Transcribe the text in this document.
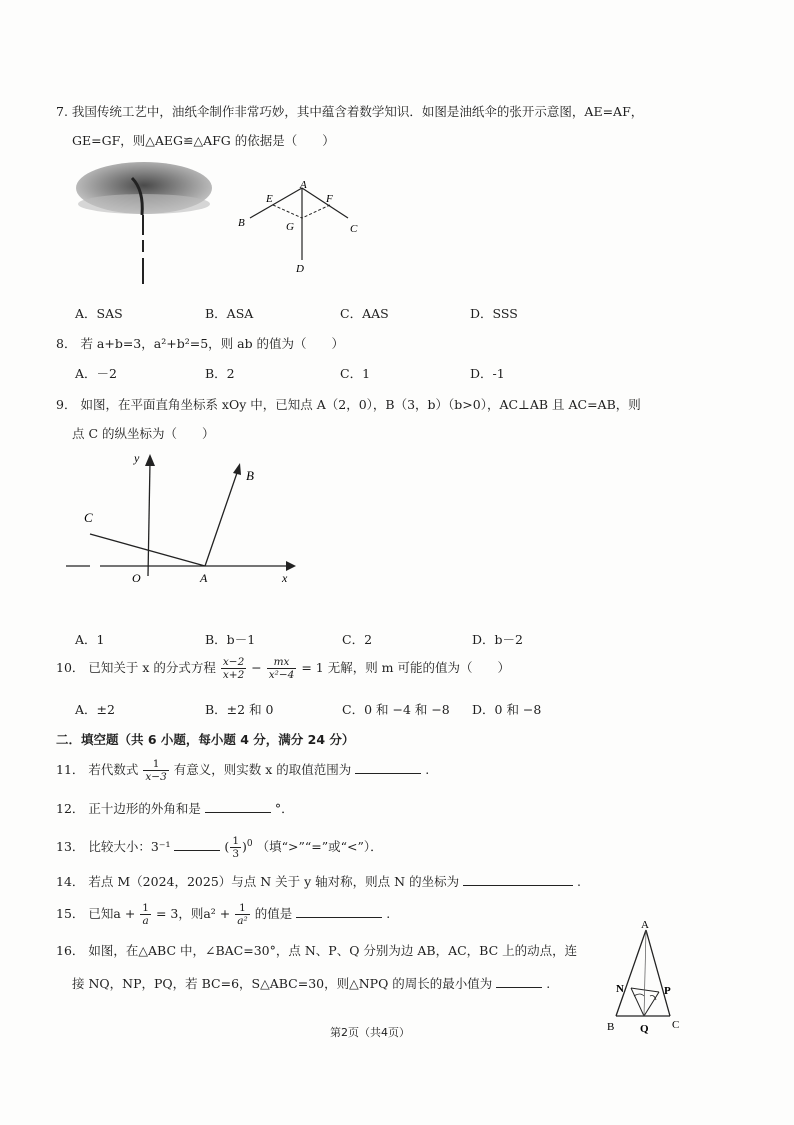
7. 我国传统工艺中，油纸伞制作非常巧妙，其中蕴含着数学知识．如图是油纸伞的张开示意图，AE=AF，
GE=GF，则△AEG≌△AFG 的依据是（　　）
A
E	F
B	C
G
D
A．SAS	B．ASA	C．AAS	D．SSS
8． 若 a+b=3，a²+b²=5，则 ab 的值为（　　）
A．－2	B．2	C．1	D．-1
9． 如图，在平面直角坐标系 xOy 中，已知点 A（2，0），B（3，b）（b>0），AC⊥AB 且 AC=AB，则
点 C 的纵坐标为（　　）
y
B
C
O	A	x
A．1	B．b－1	C．2	D．b－2
10． 已知关于 x 的分式方程 $\frac{x-2}{x+2} - \frac{mx}{\text{x²−4}} = 1$ 无解，则 m 可能的值为（　　）
A．±2	B．±2 和 0	C．0 和 −4 和 −8 D．0 和 −8
二．填空题（共 6 小题，每小题 4 分，满分 24 分）
11． 若代数式 $\frac{1}{x-3}$ 有意义，则实数 x 的取值范围为	.
12． 正十边形的外角和是	°．
13． 比较大小：3⁻¹	( $\frac{1}{3} )^0$ （填“>”“=”或“<”）．
14． 若点 M（2024，2025）与点 N 关于 y 轴对称，则点 N 的坐标为	.
15． 已知$a + \frac{1}{a} = 3$，则$a^2 + \frac{1}{\text{a²}}$ 的值是	.
16． 如图，在△ABC 中，∠BAC=30°，点 N、P、Q 分别为边 AB，AC，BC 上的动点，连
接 NQ，NP，PQ，若 BC=6，S△ABC=30，则△NPQ 的周长的最小值为	.
A
N	P
B Q C
第2页（共4页）
